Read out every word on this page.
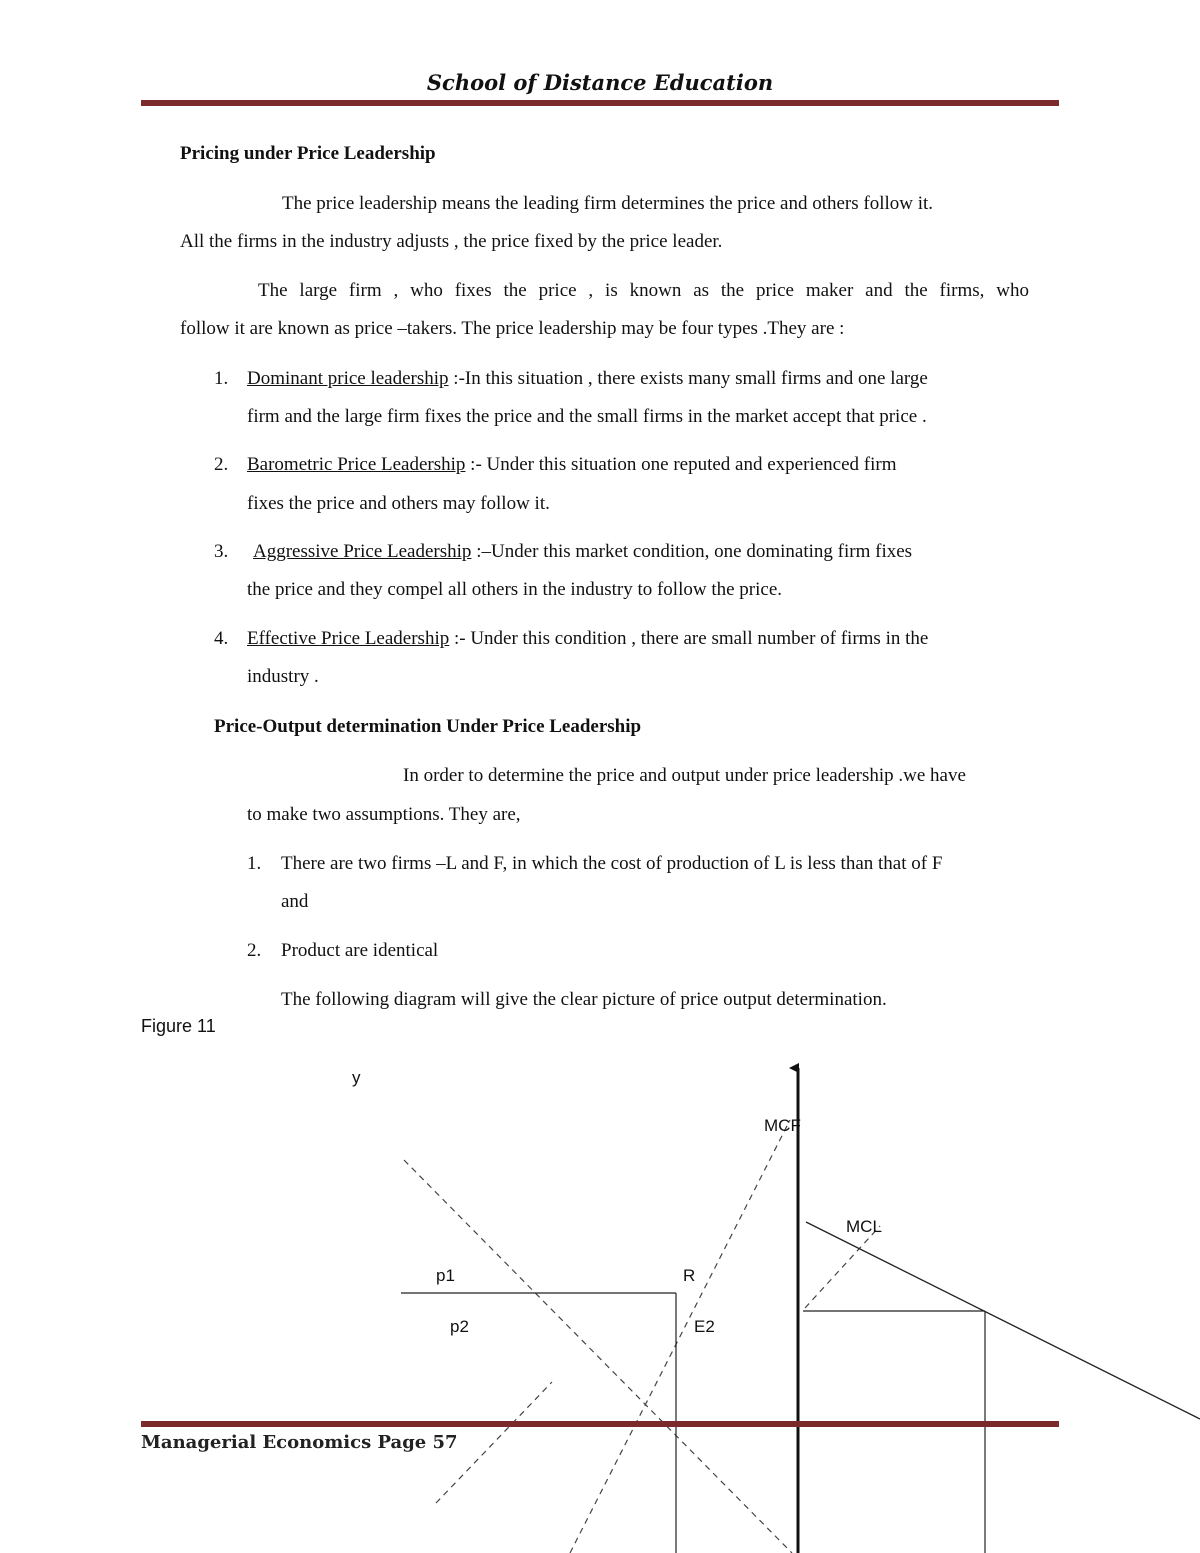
School of Distance Education
Pricing under Price Leadership
The price leadership means the leading firm determines the price and others follow it.
All the firms in the industry adjusts , the price fixed by the price leader.
The large firm , who fixes the price , is known as the price maker and the firms, who
follow it are known as price –takers. The price leadership may be four types .They are :
1. Dominant price leadership :-In this situation , there exists many small firms and one large
firm and the large firm fixes the price and the small firms in the market accept that price .
2. Barometric Price Leadership :- Under this situation one reputed and experienced firm
fixes the price and others may follow it.
3. Aggressive Price Leadership :–Under this market condition, one dominating firm fixes
the price and they compel all others in the industry to follow the price.
4. Effective Price Leadership :- Under this condition , there are small number of firms in the
industry .
Price-Output determination Under Price Leadership
In order to determine the price and output under price leadership .we have
to make two assumptions. They are,
1. There are two firms –L and F, in which the cost of production of L is less than that of F
and
2. Product are identical
The following diagram will give the clear picture of price output determination.
Figure 11
y
MCF
MCL
p1	R
p2	E2
Managerial Economics Page 57
